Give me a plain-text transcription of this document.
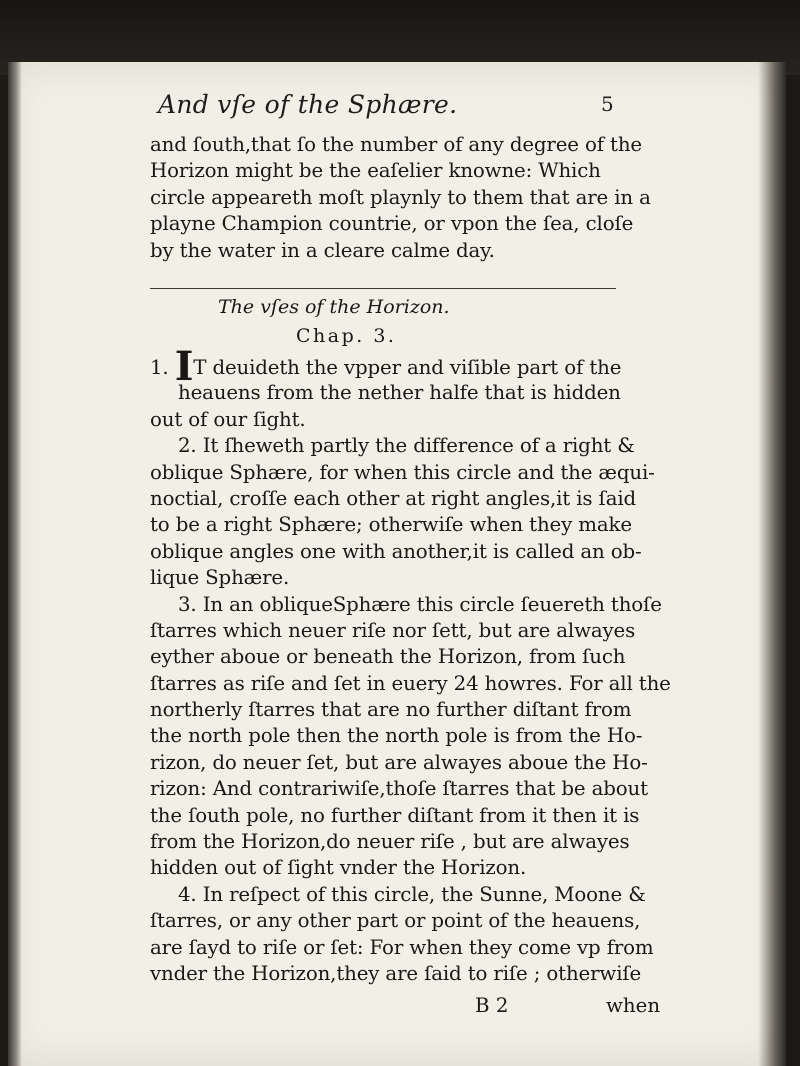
And vſe of the Sphære.	5
and ſouth,that ſo the number of any degree of the
Horizon might be the eaſelier knowne: Which
circle appeareth moſt playnly to them that are in a
playne Champion countrie, or vpon the ſea, cloſe
by the water in a cleare calme day.
The vſes of the Horizon.
Chap. 3.
1. IT deuideth the vpper and viſible part of the
heauens from the nether halfe that is hidden
out of our ſight.
2. It ſheweth partly the difference of a right &
oblique Sphære, for when this circle and the æqui-
noctial, croſſe each other at right angles,it is ſaid
to be a right Sphære; otherwiſe when they make
oblique angles one with another,it is called an ob-
lique Sphære.
3. In an obliqueSphære this circle ſeuereth thoſe
ſtarres which neuer riſe nor ſett, but are alwayes
eyther aboue or beneath the Horizon, from ſuch
ſtarres as riſe and ſet in euery 24 howres. For all the
northerly ſtarres that are no further diſtant from
the north pole then the north pole is from the Ho-
rizon, do neuer ſet, but are alwayes aboue the Ho-
rizon: And contrariwiſe,thoſe ſtarres that be about
the ſouth pole, no further diſtant from it then it is
from the Horizon,do neuer riſe , but are alwayes
hidden out of ſight vnder the Horizon.
4. In reſpect of this circle, the Sunne, Moone &
ſtarres, or any other part or point of the heauens,
are ſayd to riſe or ſet: For when they come vp from
vnder the Horizon,they are ſaid to riſe ; otherwiſe
B 2	when
